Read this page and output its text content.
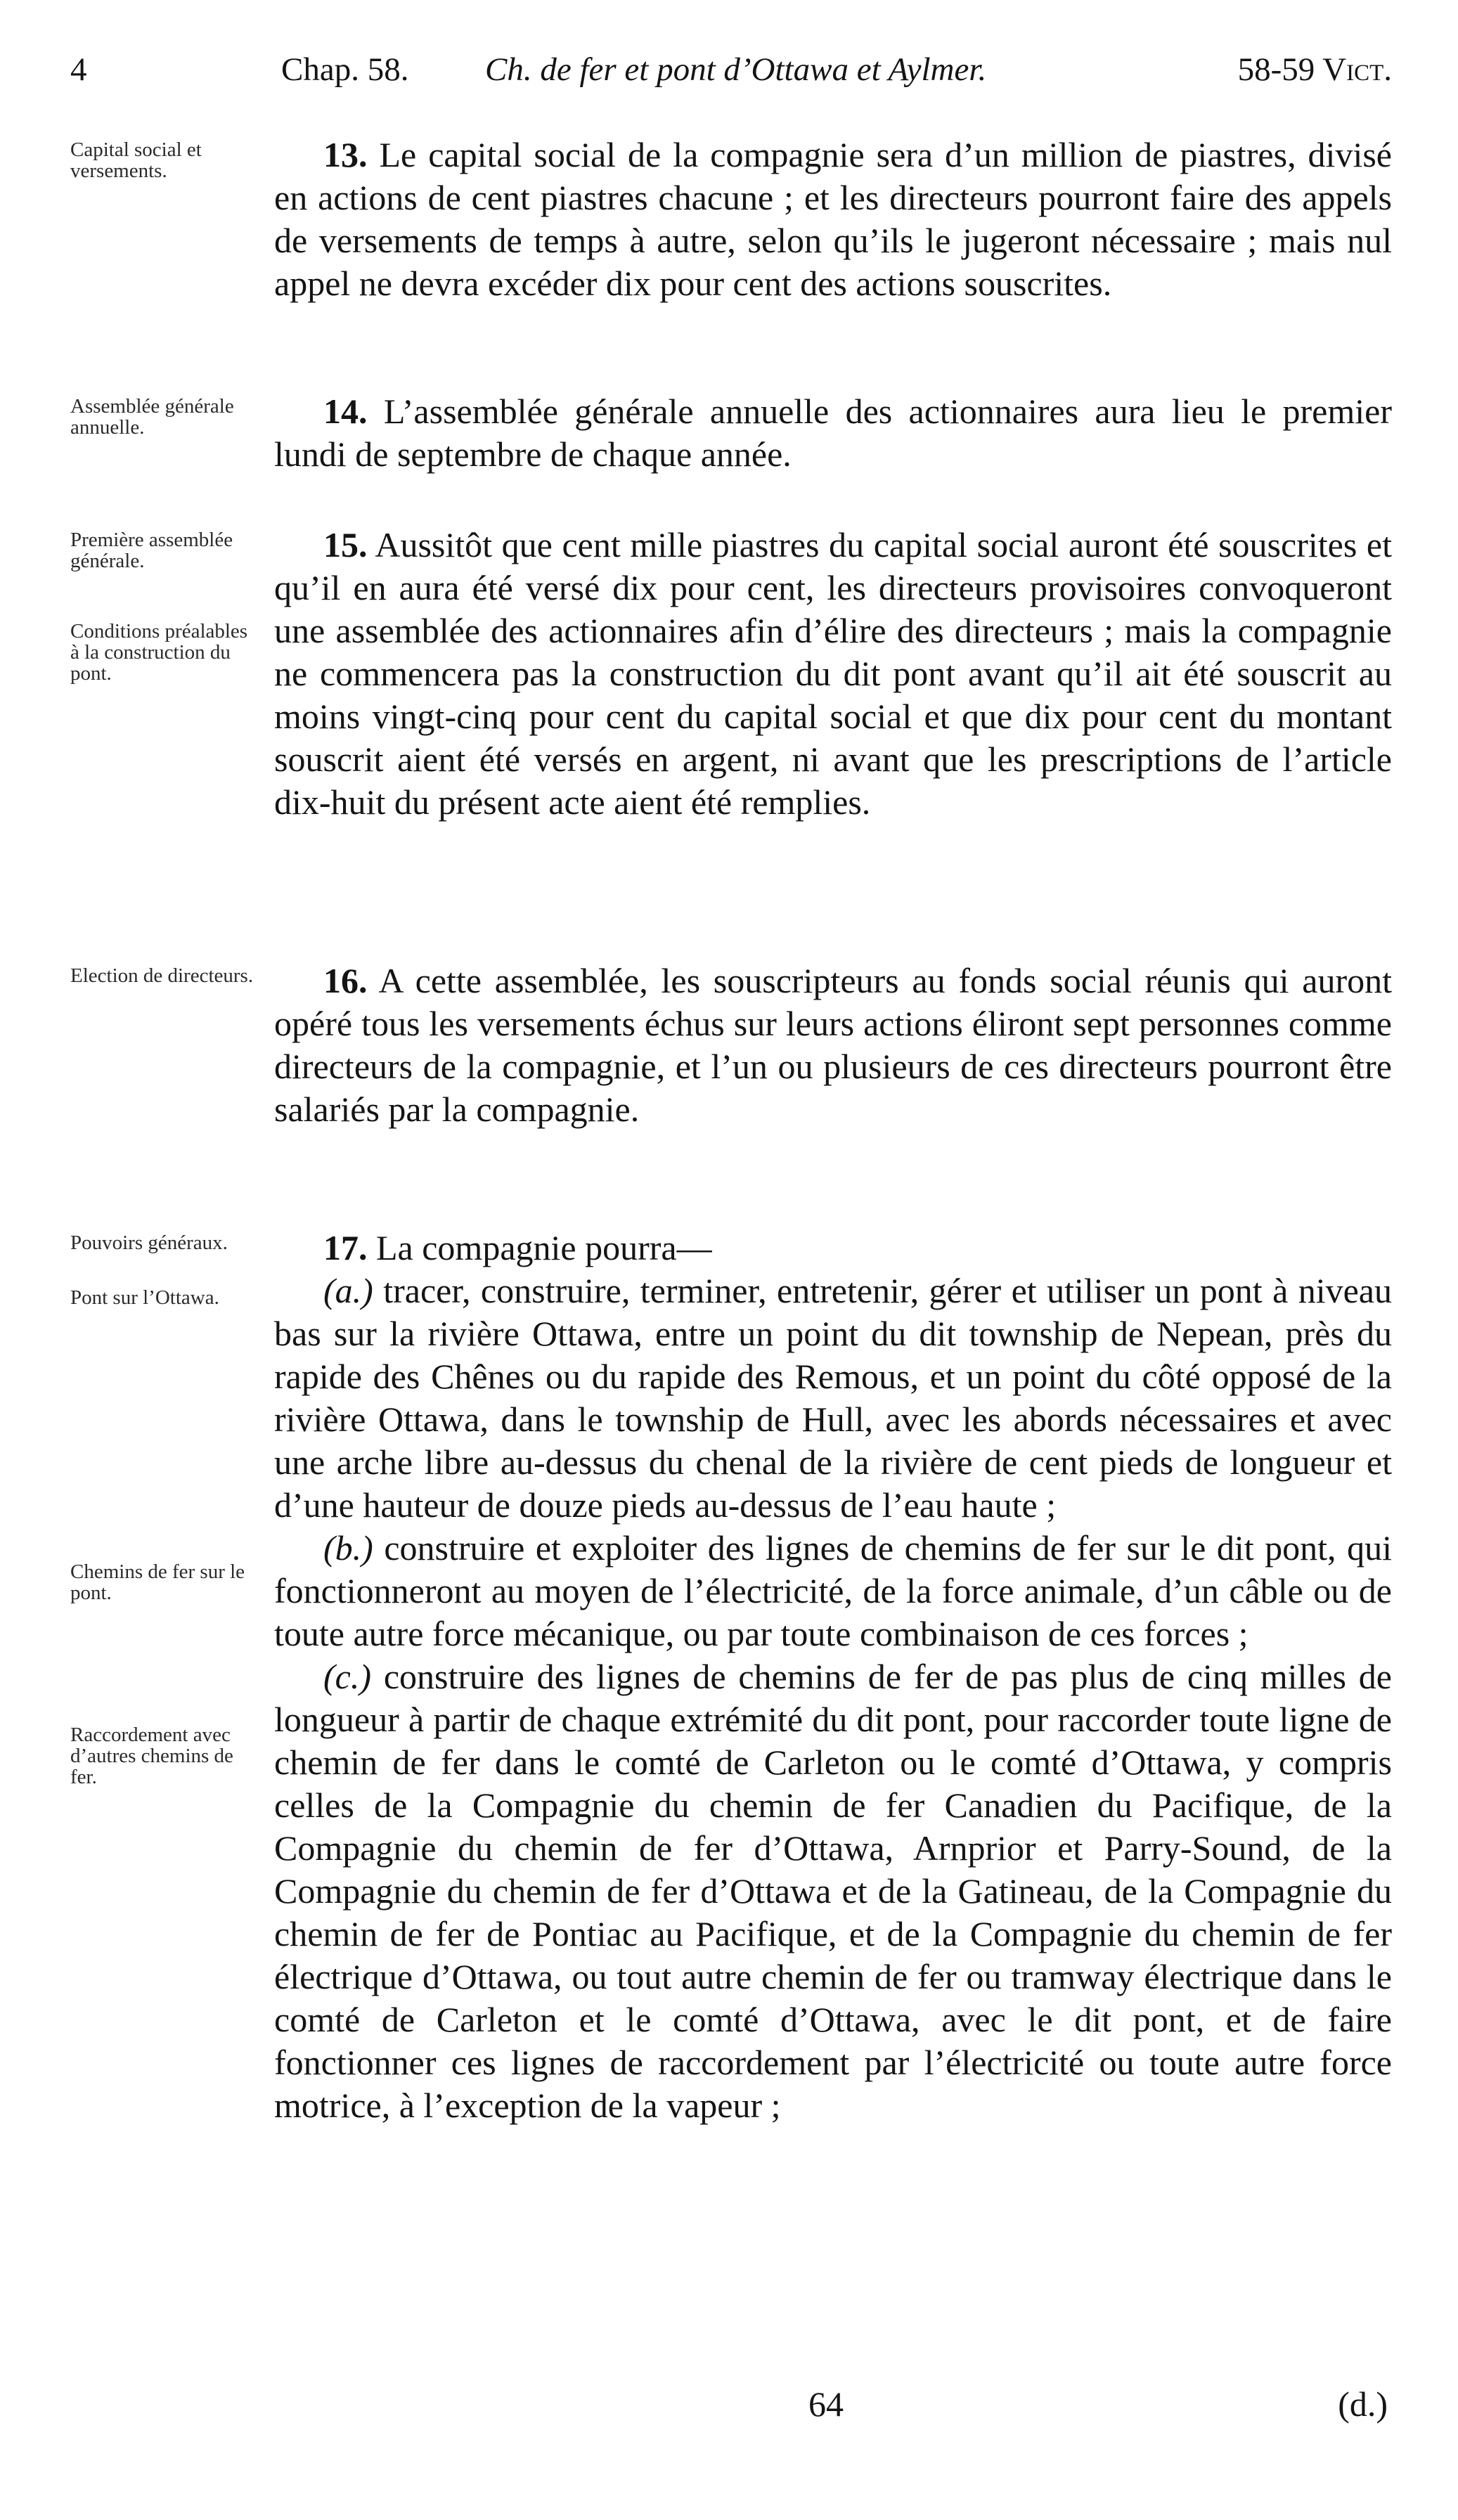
4	Chap. 58. Ch. de fer et pont d’Ottawa et Aylmer.	58-59 Vict.
Capital social et versements.	13. Le capital social de la compagnie sera d’un million de piastres, divisé en actions de cent piastres chacune ; et les directeurs pourront faire des appels de versements de temps à autre, selon qu’ils le jugeront nécessaire ; mais nul appel ne devra excéder dix pour cent des actions souscrites.

Assemblée générale annuelle.	14. L’assemblée générale annuelle des actionnaires aura lieu le premier lundi de septembre de chaque année.

Première assemblée générale.
Conditions préalables à la construction du pont.

15. Aussitôt que cent mille piastres du capital social auront été souscrites et qu’il en aura été versé dix pour cent, les directeurs provisoires convoqueront une assemblée des actionnaires afin d’élire des directeurs ; mais la compagnie ne commencera pas la construction du dit pont avant qu’il ait été souscrit au moins vingt-cinq pour cent du capital social et que dix pour cent du montant souscrit aient été versés en argent, ni avant que les prescriptions de l’article dix-huit du présent acte aient été remplies.

Election de directeurs.	16. A cette assemblée, les souscripteurs au fonds social réunis qui auront opéré tous les versements échus sur leurs actions éliront sept personnes comme directeurs de la compagnie, et l’un ou plusieurs de ces directeurs pourront être salariés par la compagnie.

Pouvoirs généraux.
Pont sur l’Ottawa.
Chemins de fer sur le pont.
Raccordement avec d’autres chemins de fer.
17. La compagnie pourra—
(a.) tracer, construire, terminer, entretenir, gérer et utiliser un pont à niveau bas sur la rivière Ottawa, entre un point du dit township de Nepean, près du rapide des Chênes ou du rapide des Remous, et un point du côté opposé de la rivière Ottawa, dans le township de Hull, avec les abords nécessaires et avec une arche libre au-dessus du chenal de la rivière de cent pieds de longueur et d’une hauteur de douze pieds au-dessus de l’eau haute ;
(b.) construire et exploiter des lignes de chemins de fer sur le dit pont, qui fonctionneront au moyen de l’électricité, de la force animale, d’un câble ou de toute autre force mécanique, ou par toute combinaison de ces forces ;
(c.) construire des lignes de chemins de fer de pas plus de cinq milles de longueur à partir de chaque extrémité du dit pont, pour raccorder toute ligne de chemin de fer dans le comté de Carleton ou le comté d’Ottawa, y compris celles de la Compagnie du chemin de fer Canadien du Pacifique, de la Compagnie du chemin de fer d’Ottawa, Arnprior et Parry-Sound, de la Compagnie du chemin de fer d’Ottawa et de la Gatineau, de la Compagnie du chemin de fer de Pontiac au Pacifique, et de la Compagnie du chemin de fer électrique d’Ottawa, ou tout autre chemin de fer ou tramway électrique dans le comté de Carleton et le comté d’Ottawa, avec le dit pont, et de faire fonctionner ces lignes de raccordement par l’électricité ou toute autre force motrice, à l’exception de la vapeur ;
64	(d.)
